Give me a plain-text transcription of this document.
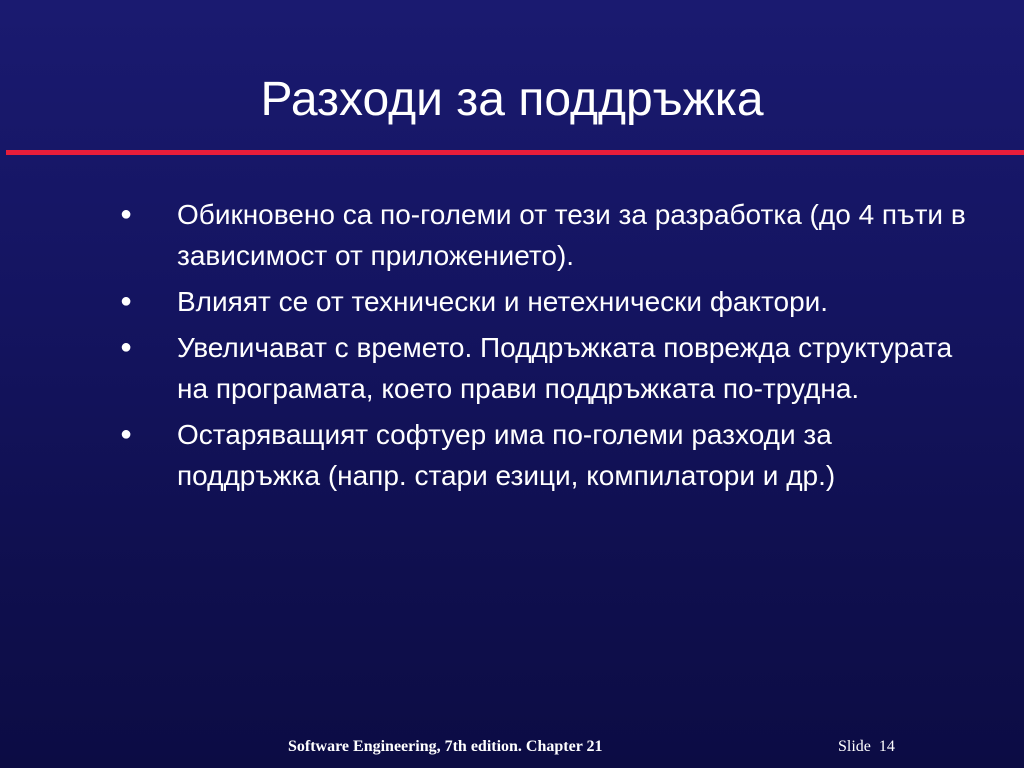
Разходи за поддръжка
● Обикновено са по-големи от тези за разработка (до 4 пъти в зависимост от приложението).
● Влияят се от технически и нетехнически фактори.
● Увеличават с времето. Поддръжката поврежда структурата на програмата, което прави поддръжката по-трудна.
● Остаряващият софтуер има по-големи разходи за поддръжка (напр. стари езици, компилатори и др.)
Software Engineering, 7th edition. Chapter 21	Slide 14
